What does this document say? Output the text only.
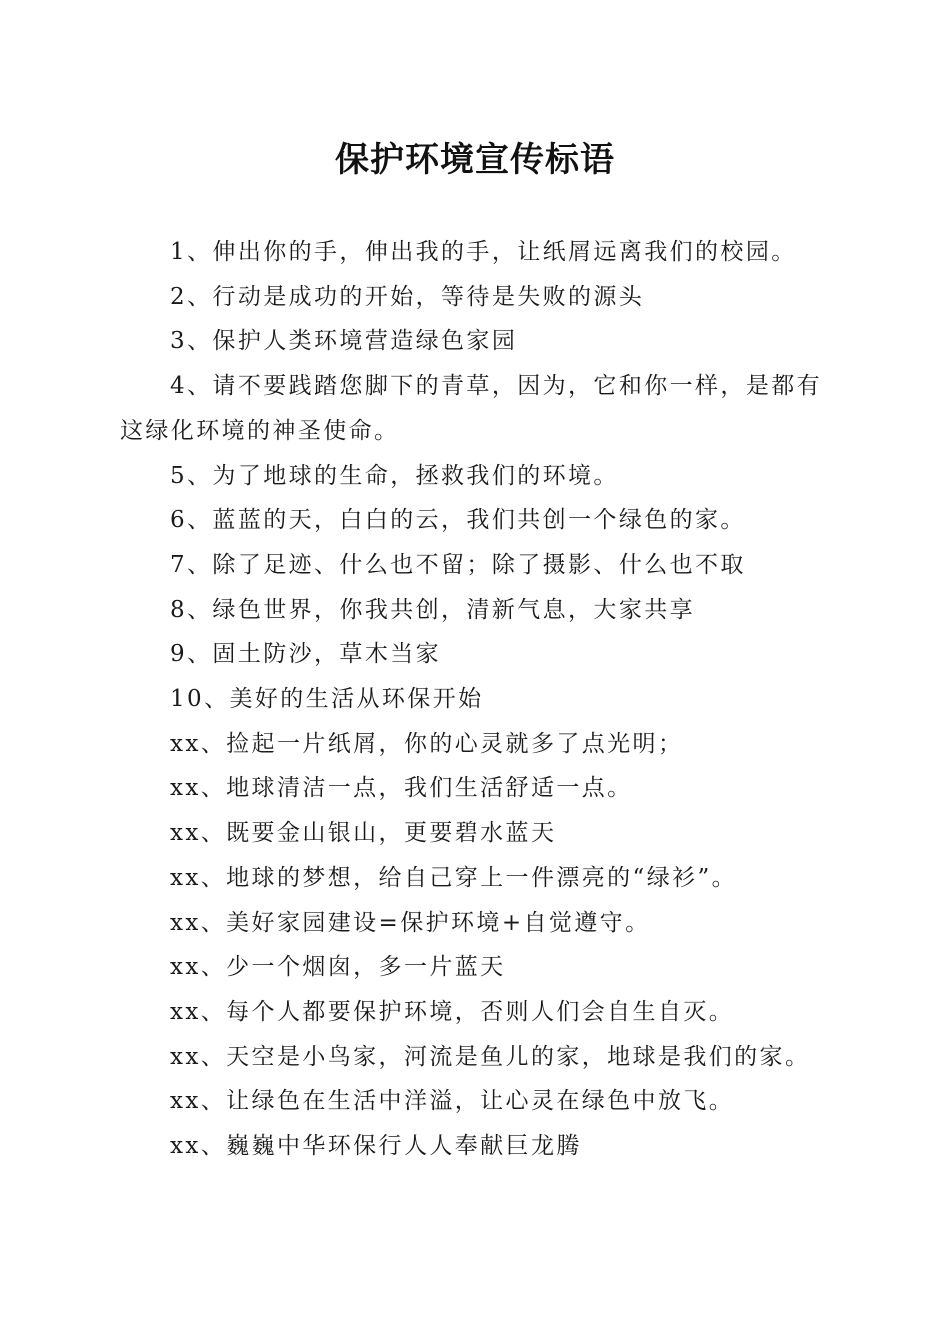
保护环境宣传标语

1、伸出你的手，伸出我的手，让纸屑远离我们的校园。

2、行动是成功的开始，等待是失败的源头

3、保护人类环境营造绿色家园

4、请不要践踏您脚下的青草，因为，它和你一样，是都有这绿化环境的神圣使命。

5、为了地球的生命，拯救我们的环境。

6、蓝蓝的天，白白的云，我们共创一个绿色的家。

7、除了足迹、什么也不留；除了摄影、什么也不取

8、绿色世界，你我共创，清新气息，大家共享

9、固土防沙，草木当家

10、美好的生活从环保开始

xx、捡起一片纸屑，你的心灵就多了点光明；

xx、地球清洁一点，我们生活舒适一点。

xx、既要金山银山，更要碧水蓝天

xx、地球的梦想，给自己穿上一件漂亮的“绿衫”。

xx、美好家园建设=保护环境+自觉遵守。

xx、少一个烟囱，多一片蓝天

xx、每个人都要保护环境，否则人们会自生自灭。

xx、天空是小鸟家，河流是鱼儿的家，地球是我们的家。

xx、让绿色在生活中洋溢，让心灵在绿色中放飞。

xx、巍巍中华环保行人人奉献巨龙腾
